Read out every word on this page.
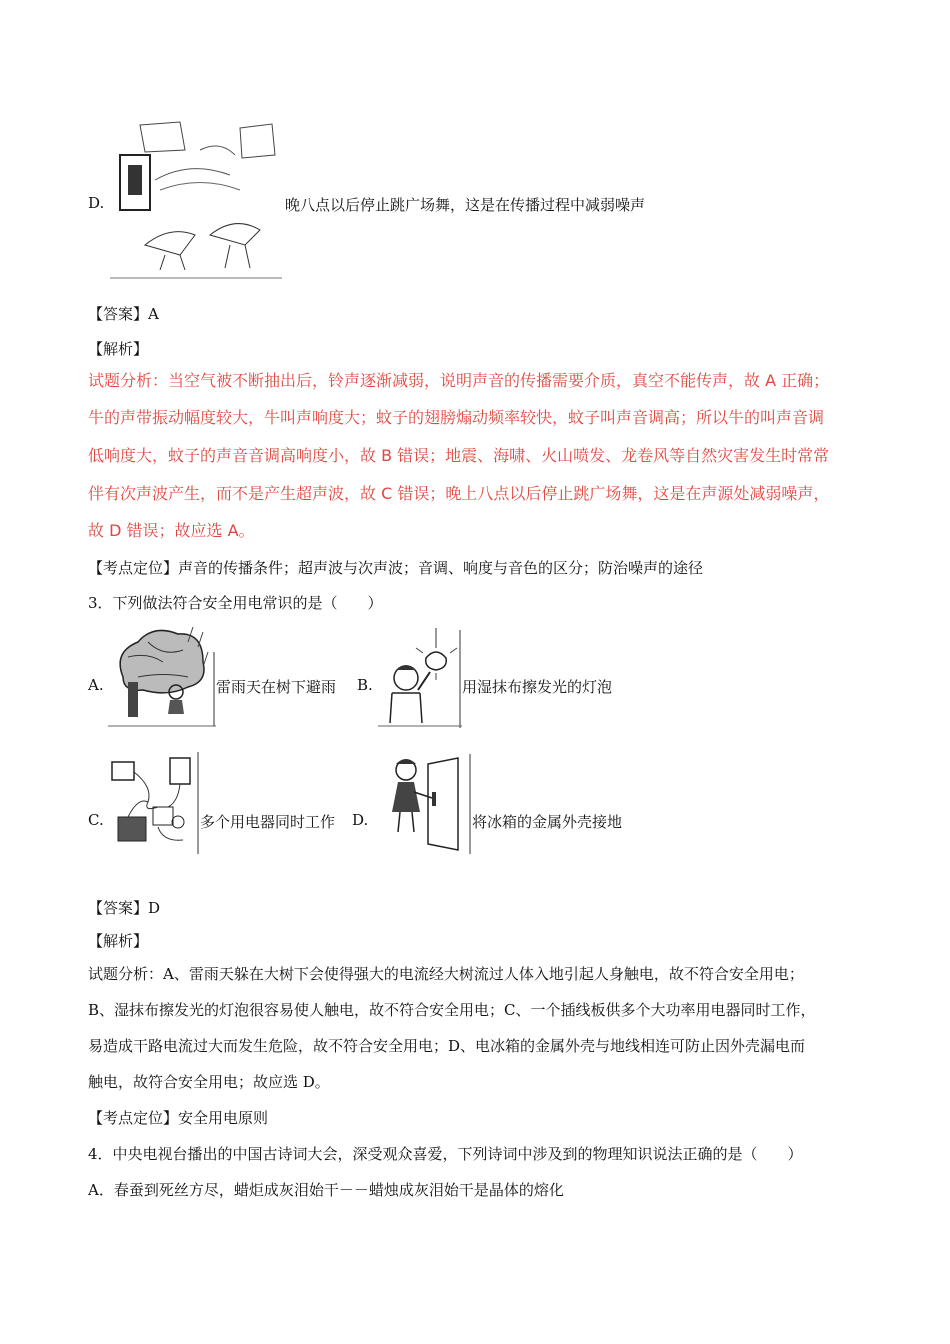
D.	晚八点以后停止跳广场舞，这是在传播过程中减弱噪声
【答案】A
【解析】
试题分析：当空气被不断抽出后，铃声逐渐减弱，说明声音的传播需要介质，真空不能传声，故 A 正确；
牛的声带振动幅度较大，牛叫声响度大；蚊子的翅膀煽动频率较快，蚊子叫声音调高；所以牛的叫声音调
低响度大，蚊子的声音音调高响度小，故 B 错误；地震、海啸、火山喷发、龙卷风等自然灾害发生时常常
伴有次声波产生，而不是产生超声波，故 C 错误；晚上八点以后停止跳广场舞，这是在声源处减弱噪声，
故 D 错误；故应选 A。
【考点定位】声音的传播条件；超声波与次声波；音调、响度与音色的区分；防治噪声的途径
3．下列做法符合安全用电常识的是（　　）
A.	雷雨天在树下避雨 B.	用湿抹布擦发光的灯泡
C.	多个用电器同时工作 D.	将冰箱的金属外壳接地
【答案】D
【解析】
试题分析：A、雷雨天躲在大树下会使得强大的电流经大树流过人体入地引起人身触电，故不符合安全用电；
B、湿抹布擦发光的灯泡很容易使人触电，故不符合安全用电；C、一个插线板供多个大功率用电器同时工作，
易造成干路电流过大而发生危险，故不符合安全用电；D、电冰箱的金属外壳与地线相连可防止因外壳漏电而
触电，故符合安全用电；故应选 D。
【考点定位】安全用电原则
4．中央电视台播出的中国古诗词大会，深受观众喜爱，下列诗词中涉及到的物理知识说法正确的是（　　）
A．春蚕到死丝方尽，蜡炬成灰泪始干－－蜡烛成灰泪始干是晶体的熔化
